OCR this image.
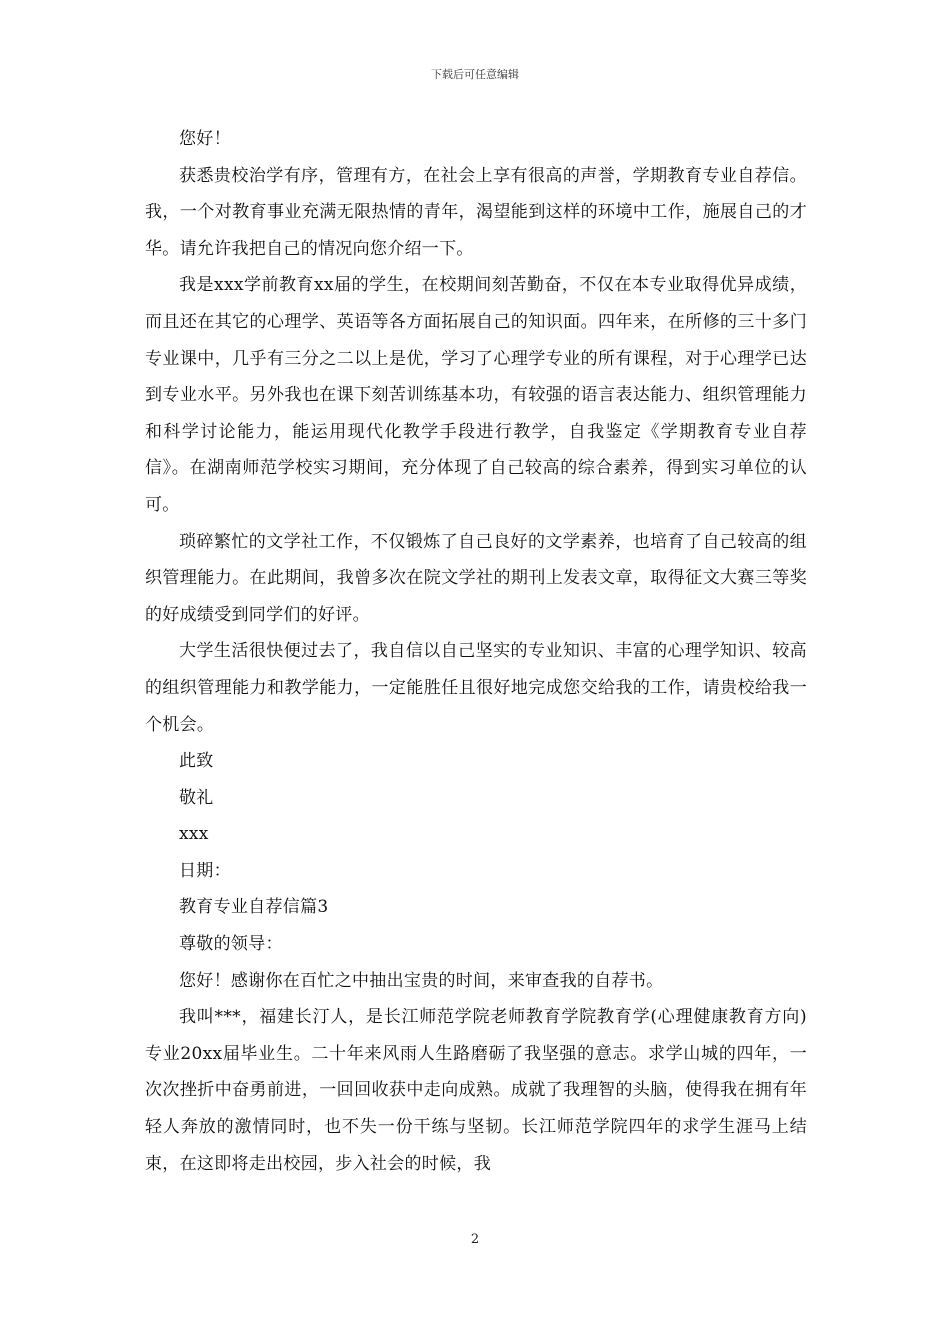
下载后可任意编辑

您好！

获悉贵校治学有序，管理有方，在社会上享有很高的声誉，学期教育专业自荐信。我，一个对教育事业充满无限热情的青年，渴望能到这样的环境中工作，施展自己的才华。请允许我把自己的情况向您介绍一下。

我是xxx学前教育xx届的学生，在校期间刻苦勤奋，不仅在本专业取得优异成绩，而且还在其它的心理学、英语等各方面拓展自己的知识面。四年来，在所修的三十多门专业课中，几乎有三分之二以上是优，学习了心理学专业的所有课程，对于心理学已达到专业水平。另外我也在课下刻苦训练基本功，有较强的语言表达能力、组织管理能力和科学讨论能力，能运用现代化教学手段进行教学，自我鉴定《学期教育专业自荐信》。在湖南师范学校实习期间，充分体现了自己较高的综合素养，得到实习单位的认可。

琐碎繁忙的文学社工作，不仅锻炼了自己良好的文学素养，也培育了自己较高的组织管理能力。在此期间，我曾多次在院文学社的期刊上发表文章，取得征文大赛三等奖的好成绩受到同学们的好评。

大学生活很快便过去了，我自信以自己坚实的专业知识、丰富的心理学知识、较高的组织管理能力和教学能力，一定能胜任且很好地完成您交给我的工作，请贵校给我一个机会。

此致

敬礼

xxx

日期：

教育专业自荐信篇3

尊敬的领导：

您好！感谢你在百忙之中抽出宝贵的时间，来审查我的自荐书。

我叫***，福建长汀人，是长江师范学院老师教育学院教育学(心理健康教育方向)专业20xx届毕业生。二十年来风雨人生路磨砺了我坚强的意志。求学山城的四年，一次次挫折中奋勇前进，一回回收获中走向成熟。成就了我理智的头脑，使得我在拥有年轻人奔放的激情同时，也不失一份干练与坚韧。长江师范学院四年的求学生涯马上结束，在这即将走出校园，步入社会的时候，我

2
